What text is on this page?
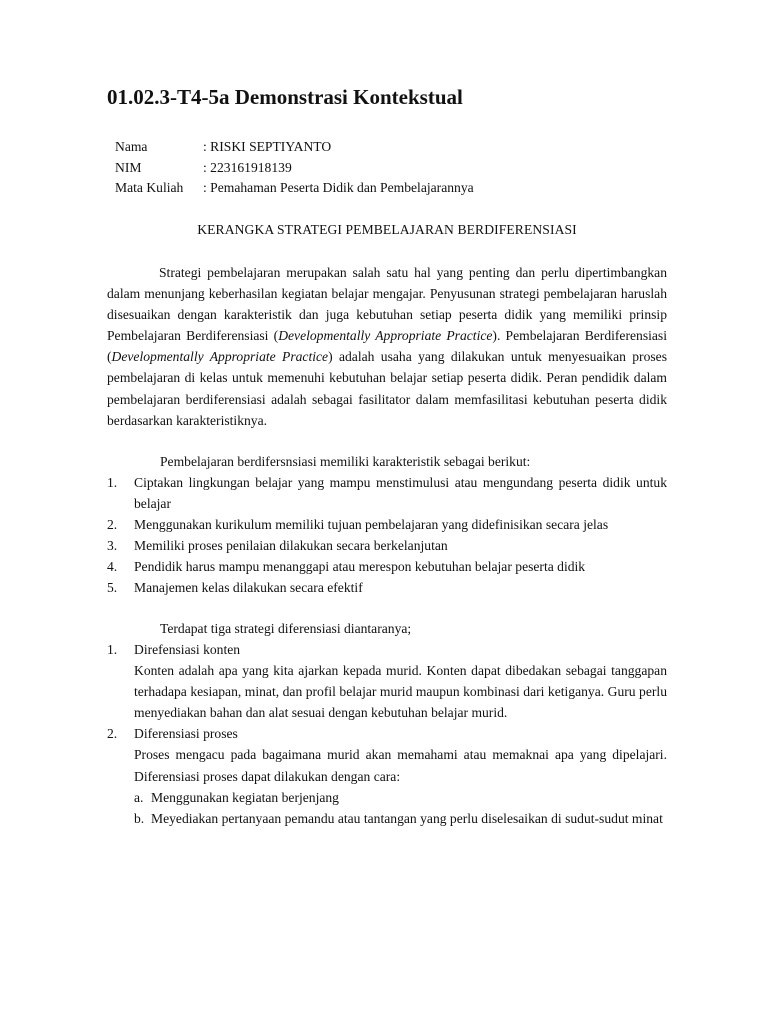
01.02.3-T4-5a Demonstrasi Kontekstual
Nama	: RISKI SEPTIYANTO
NIM	: 223161918139
Mata Kuliah	: Pemahaman Peserta Didik dan Pembelajarannya
KERANGKA STRATEGI PEMBELAJARAN BERDIFERENSIASI

Strategi pembelajaran merupakan salah satu hal yang penting dan perlu dipertimbangkan dalam menunjang keberhasilan kegiatan belajar mengajar. Penyusunan strategi pembelajaran haruslah disesuaikan dengan karakteristik dan juga kebutuhan setiap peserta didik yang memiliki prinsip Pembelajaran Berdiferensiasi (Developmentally Appropriate Practice). Pembelajaran Berdiferensiasi (Developmentally Appropriate Practice) adalah usaha yang dilakukan untuk menyesuaikan proses pembelajaran di kelas untuk memenuhi kebutuhan belajar setiap peserta didik. Peran pendidik dalam pembelajaran berdiferensiasi adalah sebagai fasilitator dalam memfasilitasi kebutuhan peserta didik berdasarkan karakteristiknya.

Pembelajaran berdifersnsiasi memiliki karakteristik sebagai berikut:
1. Ciptakan lingkungan belajar yang mampu menstimulusi atau mengundang peserta didik untuk belajar
2. Menggunakan kurikulum memiliki tujuan pembelajaran yang didefinisikan secara jelas
3. Memiliki proses penilaian dilakukan secara berkelanjutan
4. Pendidik harus mampu menanggapi atau merespon kebutuhan belajar peserta didik
5. Manajemen kelas dilakukan secara efektif
Terdapat tiga strategi diferensiasi diantaranya;
1. Direfensiasi konten
Konten adalah apa yang kita ajarkan kepada murid. Konten dapat dibedakan sebagai tanggapan terhadapa kesiapan, minat, dan profil belajar murid maupun kombinasi dari ketiganya. Guru perlu menyediakan bahan dan alat sesuai dengan kebutuhan belajar murid.
2. Diferensiasi proses
Proses mengacu pada bagaimana murid akan memahami atau memaknai apa yang dipelajari. Diferensiasi proses dapat dilakukan dengan cara:
a. Menggunakan kegiatan berjenjang
b. Meyediakan pertanyaan pemandu atau tantangan yang perlu diselesaikan di sudut-sudut minat
